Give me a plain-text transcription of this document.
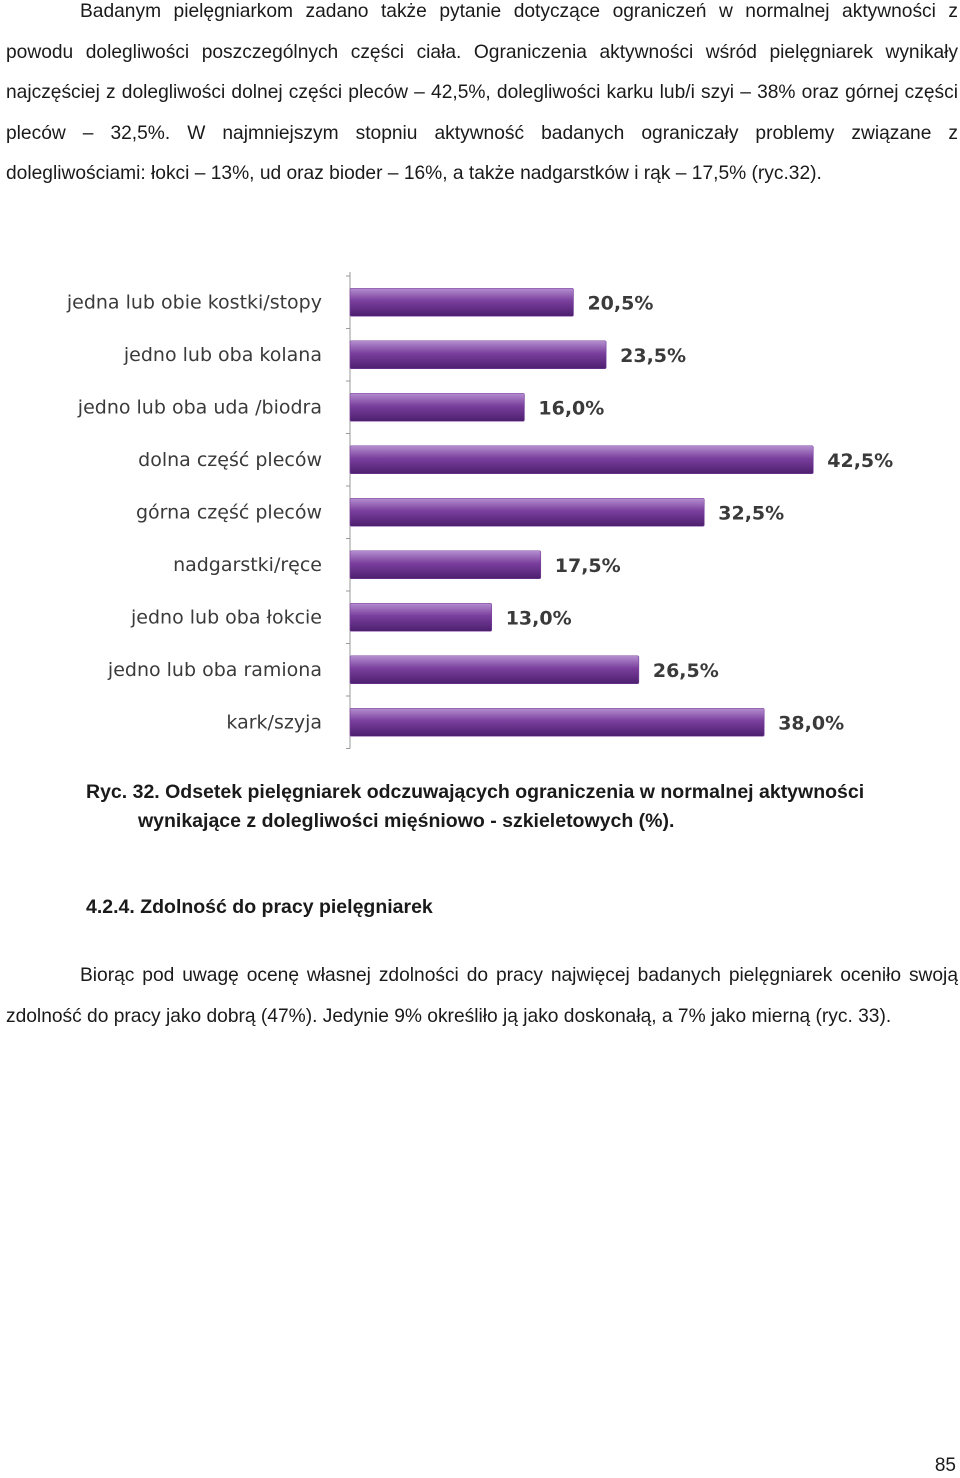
Badanym pielęgniarkom zadano także pytanie dotyczące ograniczeń w normalnej aktywności z powodu dolegliwości poszczególnych części ciała. Ograniczenia aktywności wśród pielęgniarek wynikały najczęściej z dolegliwości dolnej części pleców – 42,5%, dolegliwości karku lub/i szyi – 38% oraz górnej części pleców – 32,5%. W najmniejszym stopniu aktywność badanych ograniczały problemy związane z dolegliwościami: łokci – 13%, ud oraz bioder – 16%, a także nadgarstków i rąk – 17,5% (ryc.32).

jedna lub obie kostki/stopy
jedno lub oba kolana
jedno lub oba uda /biodra
dolna część pleców
górna część pleców
nadgarstki/ręce
jedno lub oba łokcie
jedno lub oba ramiona
kark/szyja
20,5%
23,5%
16,0%
42,5%
32,5%
17,5%
13,0%
26,5%
38,0%
Ryc. 32. Odsetek pielęgniarek odczuwających ograniczenia w normalnej aktywności
wynikające z dolegliwości mięśniowo - szkieletowych (%).

4.2.4. Zdolność do pracy pielęgniarek

Biorąc pod uwagę ocenę własnej zdolności do pracy najwięcej badanych pielęgniarek oceniło swoją zdolność do pracy jako dobrą (47%). Jedynie 9% określiło ją jako doskonałą, a 7% jako mierną (ryc. 33).

85
